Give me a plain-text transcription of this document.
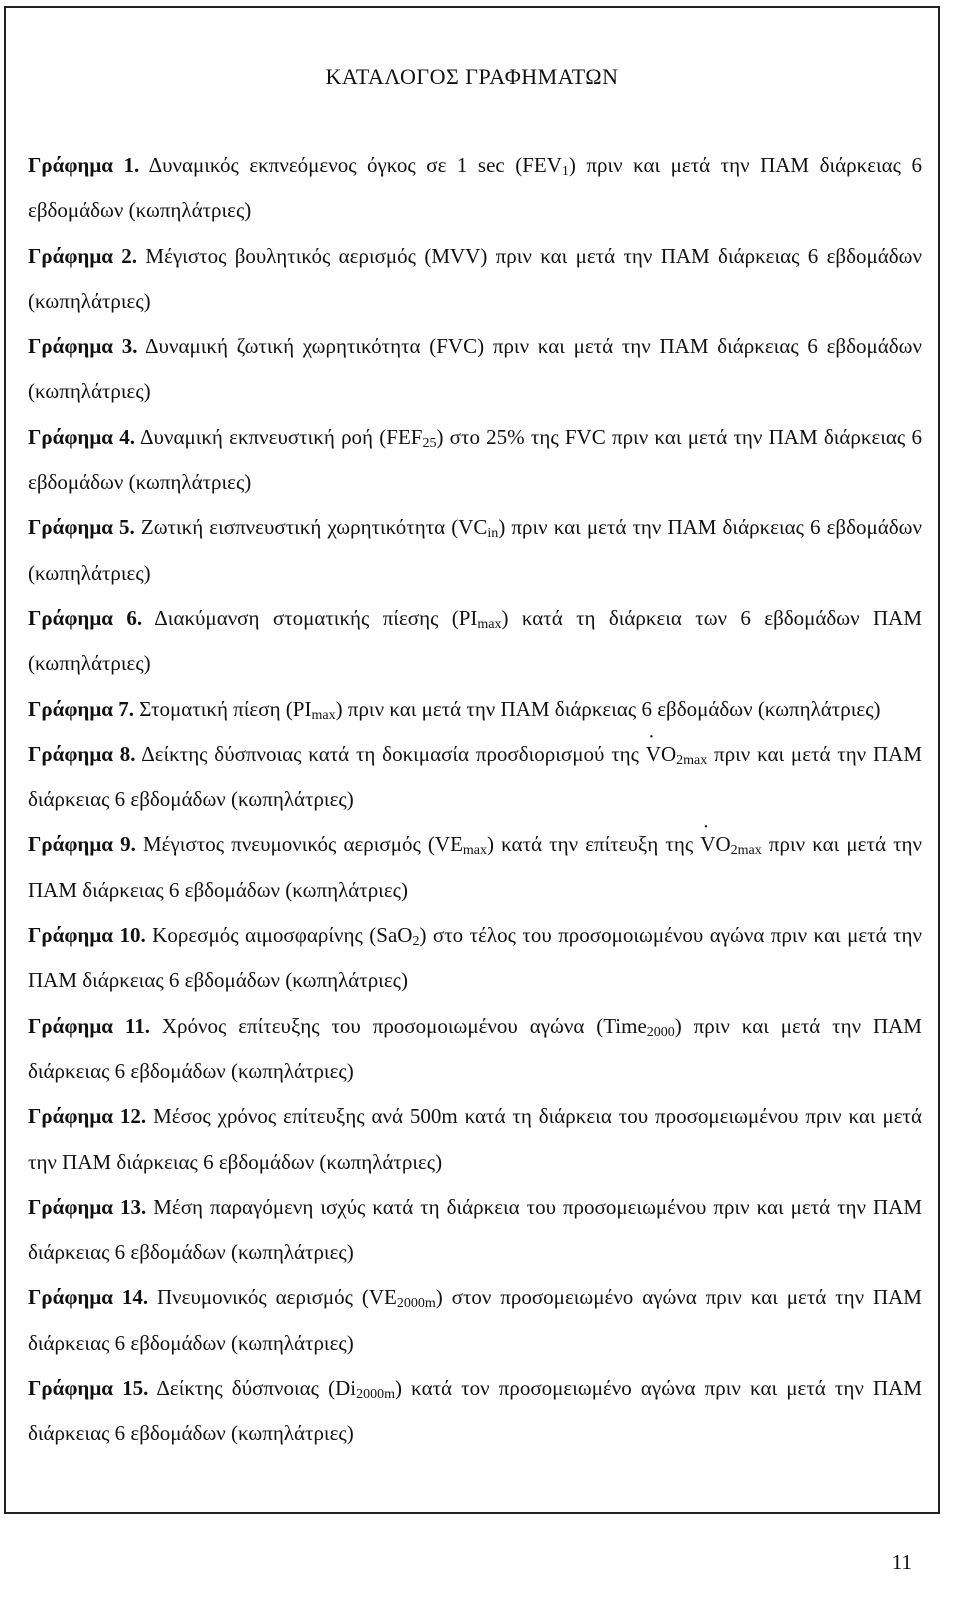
ΚΑΤΑΛΟΓΟΣ ΓΡΑΦΗΜΑΤΩΝ

Γράφημα 1. Δυναμικός εκπνεόμενος όγκος σε 1 $\sec (FEV_1)$ πριν και μετά την ΠΑΜ διάρκειας 6 εβδομάδων (κωπηλάτριες)

Γράφημα 2. Μέγιστος βουλητικός αερισμός (MVV) πριν και μετά την ΠΑΜ διάρκειας 6 εβδομάδων (κωπηλάτριες)

Γράφημα 3. Δυναμική ζωτική χωρητικότητα (FVC) πριν και μετά την ΠΑΜ διάρκειας 6 εβδομάδων (κωπηλάτριες)

Γράφημα 4. Δυναμική εκπνευστική ροή $(FEF_{25})$ στο 25% της FVC πριν και μετά την ΠΑΜ διάρκειας 6 εβδομάδων (κωπηλάτριες)

Γράφημα 5. Ζωτική εισπνευστική χωρητικότητα $(VC_{in})$ πριν και μετά την ΠΑΜ διάρκειας 6 εβδομάδων (κωπηλάτριες)

Γράφημα 6. Διακύμανση στοματικής πίεσης $(PI_{max})$ κατά τη διάρκεια των 6 εβδομάδων ΠΑΜ (κωπηλάτριες)

Γράφημα 7. Στοματική πίεση $(PI_{max})$ πριν και μετά την ΠΑΜ διάρκειας 6 εβδομάδων (κωπηλάτριες)

Γράφημα 8. Δείκτης δύσπνοιας κατά τη δοκιμασία προσδιορισμού της ˙ $VO_{2max}$ πριν και μετά την ΠΑΜ διάρκειας 6 εβδομάδων (κωπηλάτριες)

Γράφημα 9. Μέγιστος πνευμονικός αερισμός $(VE_{max})$ κατά την επίτευξη της ˙ $VO_{2max}$ πριν και μετά την ΠΑΜ διάρκειας 6 εβδομάδων (κωπηλάτριες)

Γράφημα 10. Κορεσμός αιμοσφαρίνης (SaO$_2$) στο τέλος του προσομοιωμένου αγώνα πριν και μετά την ΠΑΜ διάρκειας 6 εβδομάδων (κωπηλάτριες)

Γράφημα 11. Χρόνος επίτευξης του προσομοιωμένου αγώνα (Time$_{2000}$) πριν και μετά την ΠΑΜ διάρκειας 6 εβδομάδων (κωπηλάτριες)

Γράφημα 12. Μέσος χρόνος επίτευξης ανά 500m κατά τη διάρκεια του προσομειωμένου πριν και μετά την ΠΑΜ διάρκειας 6 εβδομάδων (κωπηλάτριες)

Γράφημα 13. Μέση παραγόμενη ισχύς κατά τη διάρκεια του προσομειωμένου πριν και μετά την ΠΑΜ διάρκειας 6 εβδομάδων (κωπηλάτριες)

Γράφημα 14. Πνευμονικός αερισμός $(VE_{2000m})$ στον προσομειωμένο αγώνα πριν και μετά την ΠΑΜ διάρκειας 6 εβδομάδων (κωπηλάτριες)

Γράφημα 15. Δείκτης δύσπνοιας $(Di_{2000m})$ κατά τον προσομειωμένο αγώνα πριν και μετά την ΠΑΜ διάρκειας 6 εβδομάδων (κωπηλάτριες)

11
